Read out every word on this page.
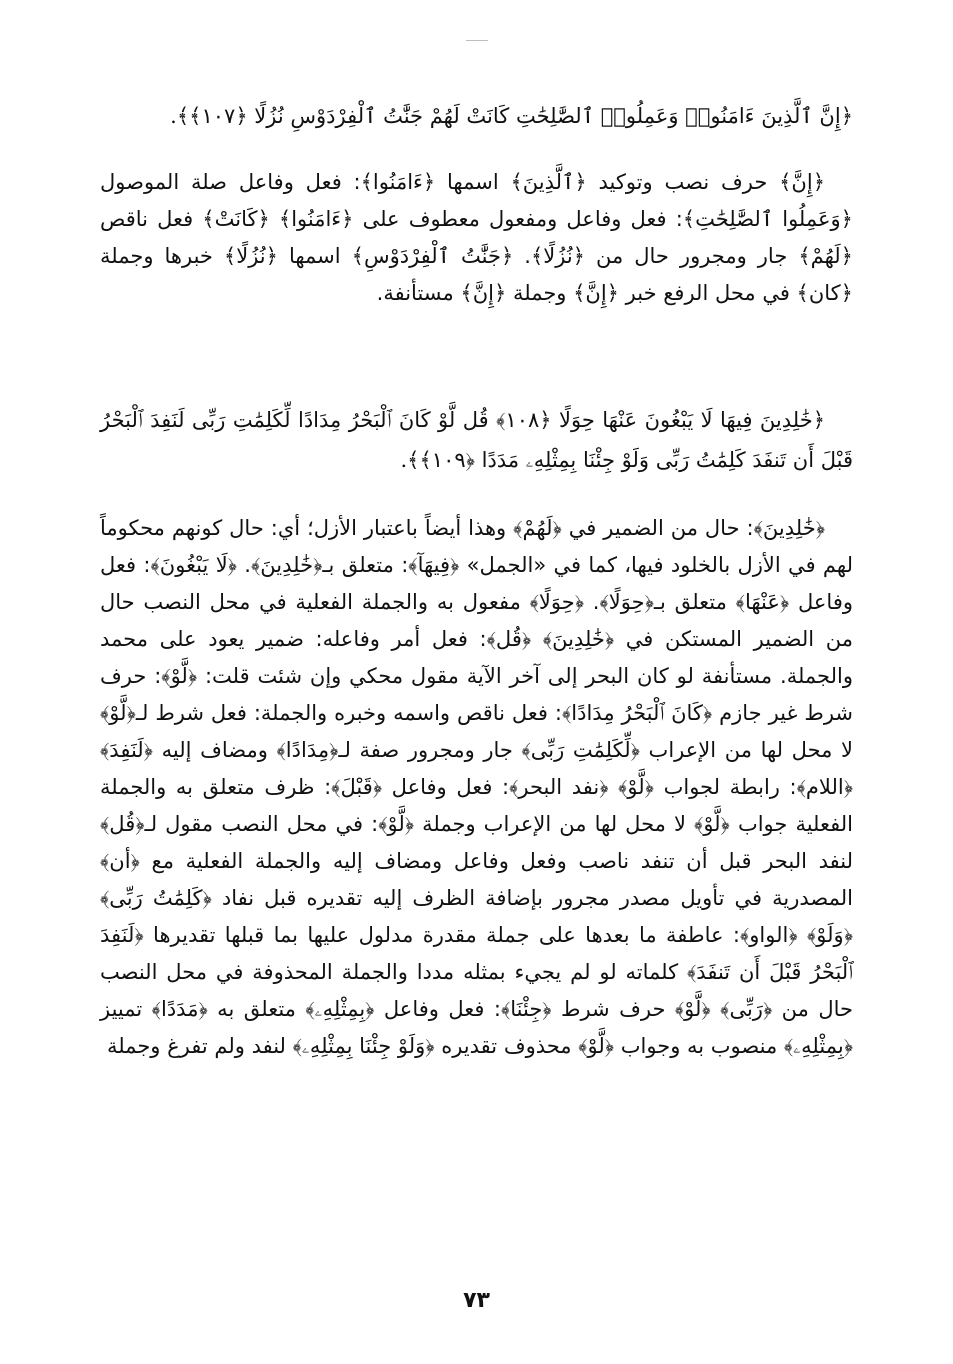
﴿إِنَّ ٱلَّذِينَ ءَامَنُوا۟ وَعَمِلُوا۟ ٱلصَّٰلِحَٰتِ كَانَتْ لَهُمْ جَنَّٰتُ ٱلْفِرْدَوْسِ نُزُلًا ﴿١٠٧﴾﴾.
﴿إِنَّ﴾ حرف نصب وتوكيد ﴿ٱلَّذِينَ﴾ اسمها ﴿ءَامَنُوا﴾: فعل وفاعل صلة الموصول ﴿وَعَمِلُوا ٱلصَّٰلِحَٰتِ﴾: فعل وفاعل ومفعول معطوف على ﴿ءَامَنُوا﴾ ﴿كَانَتْ﴾ فعل ناقص ﴿لَهُمْ﴾ جار ومجرور حال من ﴿نُزُلًا﴾. ﴿جَنَّٰتُ ٱلْفِرْدَوْسِ﴾ اسمها ﴿نُزُلًا﴾ خبرها وجملة ﴿كان﴾ في محل الرفع خبر ﴿إِنَّ﴾ وجملة ﴿إِنَّ﴾ مستأنفة.
﴿خَٰلِدِينَ فِيهَا لَا يَبْغُونَ عَنْهَا حِوَلًا ﴿١٠٨﴾ قُل لَّوْ كَانَ ٱلْبَحْرُ مِدَادًا لِّكَلِمَٰتِ رَبِّى لَنَفِدَ ٱلْبَحْرُ قَبْلَ أَن تَنفَدَ كَلِمَٰتُ رَبِّى وَلَوْ جِئْنَا بِمِثْلِهِۦ مَدَدًا ﴿١٠٩﴾﴾.
﴿خَٰلِدِينَ﴾: حال من الضمير في ﴿لَهُمْ﴾ وهذا أيضاً باعتبار الأزل؛ أي: حال كونهم محكوماً لهم في الأزل بالخلود فيها، كما في «الجمل» ﴿فِيهَآ﴾: متعلق بـ﴿خَٰلِدِينَ﴾. ﴿لَا يَبْغُونَ﴾: فعل وفاعل ﴿عَنْهَا﴾ متعلق بـ﴿حِوَلًا﴾. ﴿حِوَلًا﴾ مفعول به والجملة الفعلية في محل النصب حال من الضمير المستكن في ﴿خَٰلِدِينَ﴾ ﴿قُل﴾: فعل أمر وفاعله: ضمير يعود على محمد والجملة. مستأنفة لو كان البحر إلى آخر الآية مقول محكي وإن شئت قلت: ﴿لَّوْ﴾: حرف شرط غير جازم ﴿كَانَ ٱلْبَحْرُ مِدَادًا﴾: فعل ناقص واسمه وخبره والجملة: فعل شرط لـ﴿لَّوْ﴾ لا محل لها من الإعراب ﴿لِّكَلِمَٰتِ رَبِّى﴾ جار ومجرور صفة لـ﴿مِدَادًا﴾ ومضاف إليه ﴿لَنَفِدَ﴾ ﴿اللام﴾: رابطة لجواب ﴿لَّوْ﴾ ﴿نفد البحر﴾: فعل وفاعل ﴿قَبْلَ﴾: ظرف متعلق به والجملة الفعلية جواب ﴿لَّوْ﴾ لا محل لها من الإعراب وجملة ﴿لَّوْ﴾: في محل النصب مقول لـ﴿قُل﴾ لنفد البحر قبل أن تنفد ناصب وفعل وفاعل ومضاف إليه والجملة الفعلية مع ﴿أن﴾ المصدرية في تأويل مصدر مجرور بإضافة الظرف إليه تقديره قبل نفاد ﴿كَلِمَٰتُ رَبِّى﴾ ﴿وَلَوْ﴾ ﴿الواو﴾: عاطفة ما بعدها على جملة مقدرة مدلول عليها بما قبلها تقديرها ﴿لَنَفِدَ ٱلْبَحْرُ قَبْلَ أَن تَنفَدَ﴾ كلماته لو لم يجيء بمثله مددا والجملة المحذوفة في محل النصب حال من ﴿رَبِّى﴾ ﴿لَّوْ﴾ حرف شرط ﴿جِئْنَا﴾: فعل وفاعل ﴿بِمِثْلِهِۦ﴾ متعلق به ﴿مَدَدًا﴾ تمييز ﴿بِمِثْلِهِۦ﴾ منصوب به وجواب ﴿لَّوْ﴾ محذوف تقديره ﴿وَلَوْ جِئْنَا بِمِثْلِهِۦ﴾ لنفد ولم تفرغ وجملة
٧٣
